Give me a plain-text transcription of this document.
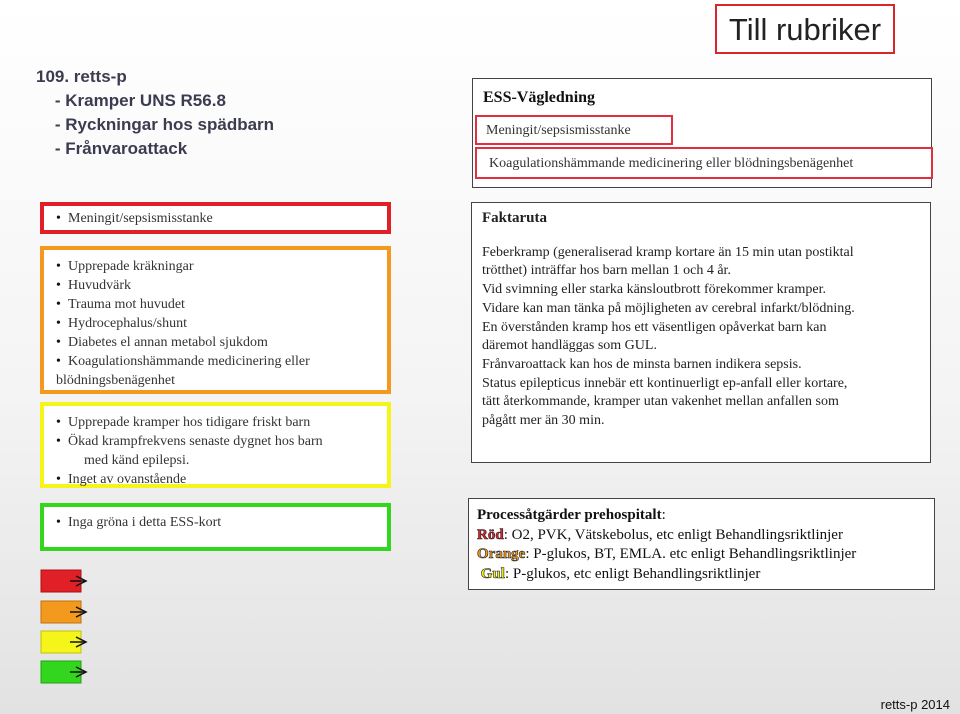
Till rubriker
109. retts-p
- Kramper UNS R56.8
- Ryckningar hos spädbarn
- Frånvaroattack
ESS-Vägledning
Meningit/sepsismisstanke
Koagulationshämmande medicinering eller blödningsbenägenhet
• Meningit/sepsismisstanke
• Upprepade kräkningar
• Huvudvärk
• Trauma mot huvudet
• Hydrocephalus/shunt
• Diabetes el annan metabol sjukdom
• Koagulationshämmande medicinering eller
blödningsbenägenhet
• Upprepade kramper hos tidigare friskt barn
• Ökad krampfrekvens senaste dygnet hos barn
med känd epilepsi.
• Inget av ovanstående
• Inga gröna i detta ESS-kort
Faktaruta

Feberkramp (generaliserad kramp kortare än 15 min utan postiktal

trötthet) inträffar hos barn mellan 1 och 4 år.

Vid svimning eller starka känsloutbrott förekommer kramper.

Vidare kan man tänka på möjligheten av cerebral infarkt/blödning.

En överstånden kramp hos ett väsentligen opåverkat barn kan

däremot handläggas som GUL.

Frånvaroattack kan hos de minsta barnen indikera sepsis.

Status epilepticus innebär ett kontinuerligt ep-anfall eller kortare,

tätt återkommande, kramper utan vakenhet mellan anfallen som

pågått mer än 30 min.

Processåtgärder prehospitalt:
Röd: O2, PVK, Vätskebolus, etc enligt Behandlingsriktlinjer
Orange: P-glukos, BT, EMLA. etc enligt Behandlingsriktlinjer
Gul: P-glukos, etc enligt Behandlingsriktlinjer
retts-p 2014
